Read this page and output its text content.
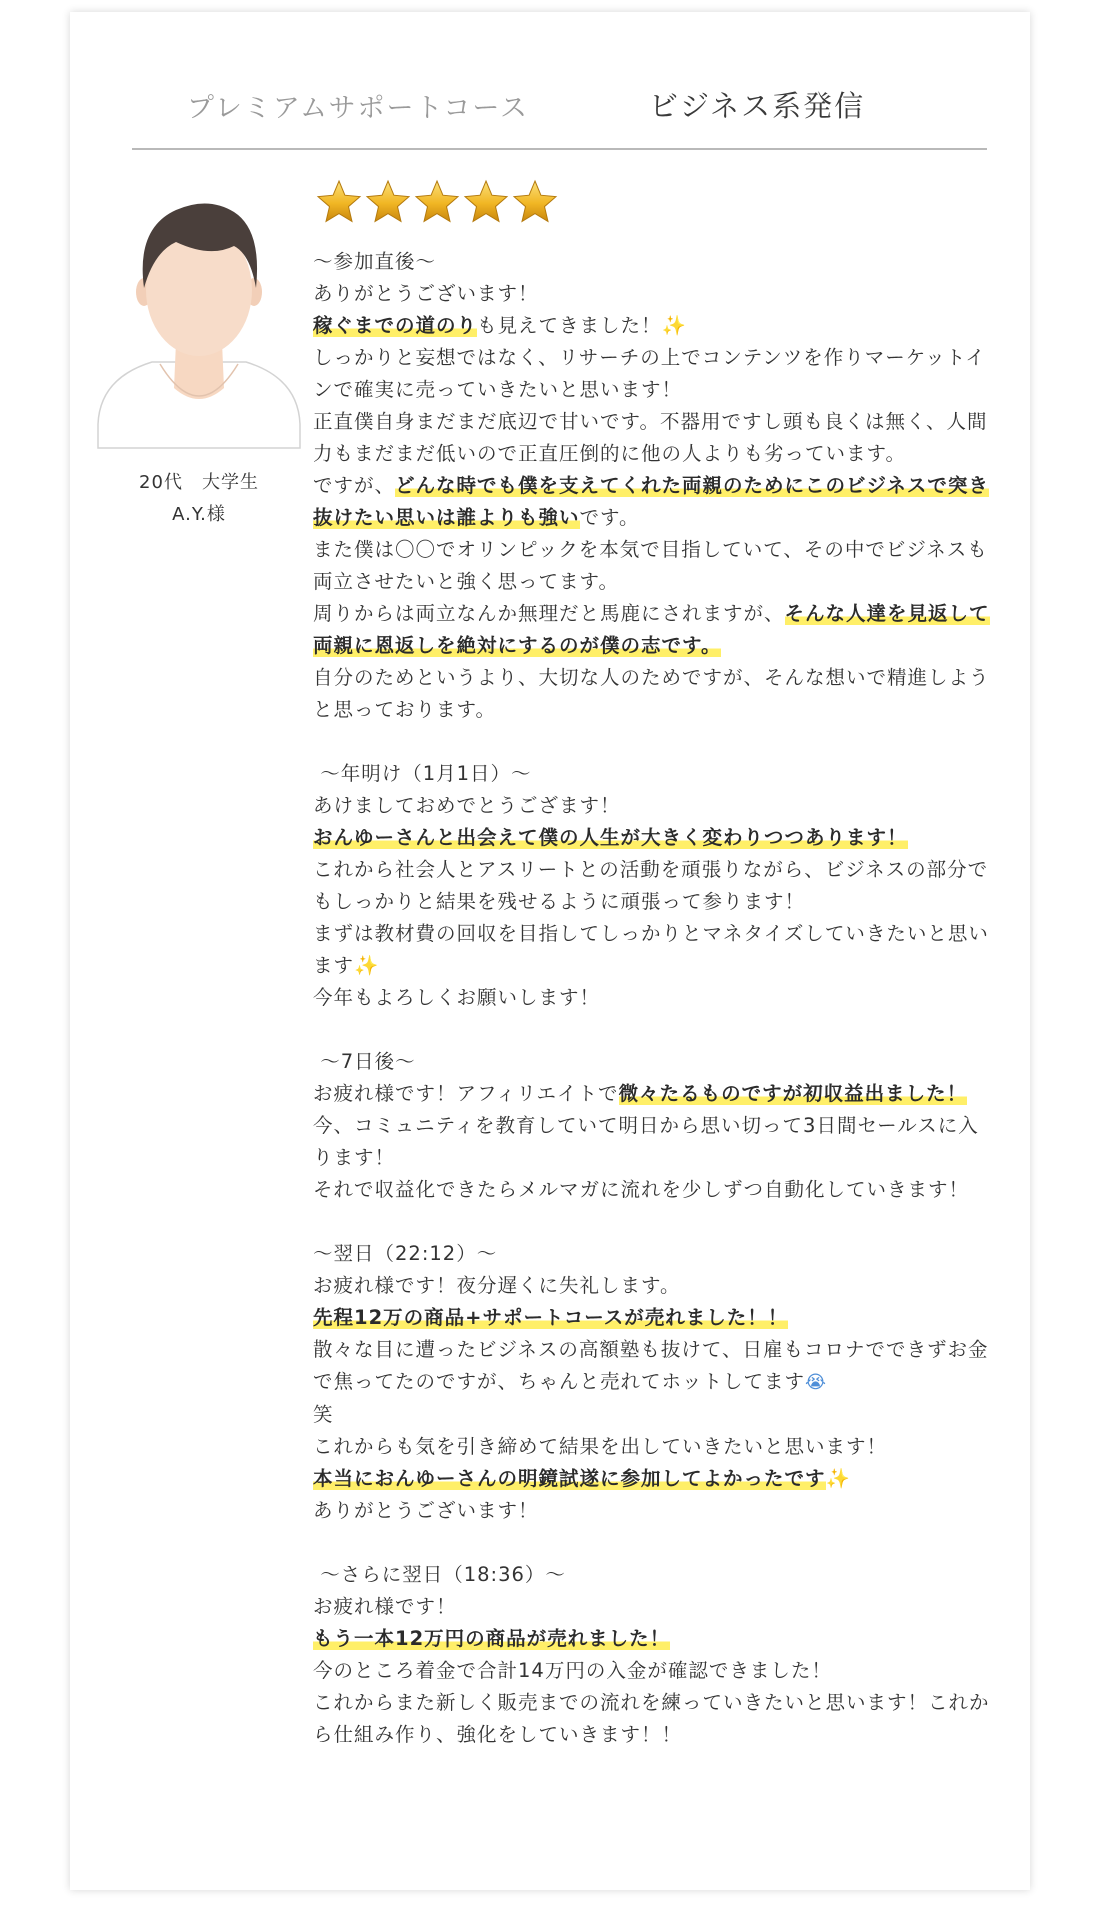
プレミアムサポートコース	ビジネス系発信
20代　大学生
A.Y.様
〜参加直後〜
ありがとうございます！
稼ぐまでの道のりも見えてきました！✨
しっかりと妄想ではなく、リサーチの上でコンテンツを作りマーケットインで確実に売っていきたいと思います！
正直僕自身まだまだ底辺で甘いです。不器用ですし頭も良くは無く、人間力もまだまだ低いので正直圧倒的に他の人よりも劣っています。
ですが、どんな時でも僕を支えてくれた両親のためにこのビジネスで突き抜けたい思いは誰よりも強いです。
また僕は〇〇でオリンピックを本気で目指していて、その中でビジネスも両立させたいと強く思ってます。
周りからは両立なんか無理だと馬鹿にされますが、そんな人達を見返して両親に恩返しを絶対にするのが僕の志です。
自分のためというより、大切な人のためですが、そんな想いで精進しようと思っております。

〜年明け（1月1日）〜
あけましておめでとうござます！
おんゆーさんと出会えて僕の人生が大きく変わりつつあります！
これから社会人とアスリートとの活動を頑張りながら、ビジネスの部分でもしっかりと結果を残せるように頑張って参ります！
まずは教材費の回収を目指してしっかりとマネタイズしていきたいと思います✨
今年もよろしくお願いします！

〜7日後〜
お疲れ様です！アフィリエイトで微々たるものですが初収益出ました！今、コミュニティを教育していて明日から思い切って3日間セールスに入ります！
それで収益化できたらメルマガに流れを少しずつ自動化していきます！

〜翌日（22:12）〜
お疲れ様です！夜分遅くに失礼します。
先程12万の商品+サポートコースが売れました！！
散々な目に遭ったビジネスの高額塾も抜けて、日雇もコロナでできずお金で焦ってたのですが、ちゃんと売れてホットしてます😭
笑
これからも気を引き締めて結果を出していきたいと思います！
本当におんゆーさんの明鏡試遂に参加してよかったです✨
ありがとうございます！

〜さらに翌日（18:36）〜
お疲れ様です！
もう一本12万円の商品が売れました！
今のところ着金で合計14万円の入金が確認できました！
これからまた新しく販売までの流れを練っていきたいと思います！これから仕組み作り、強化をしていきます！！
